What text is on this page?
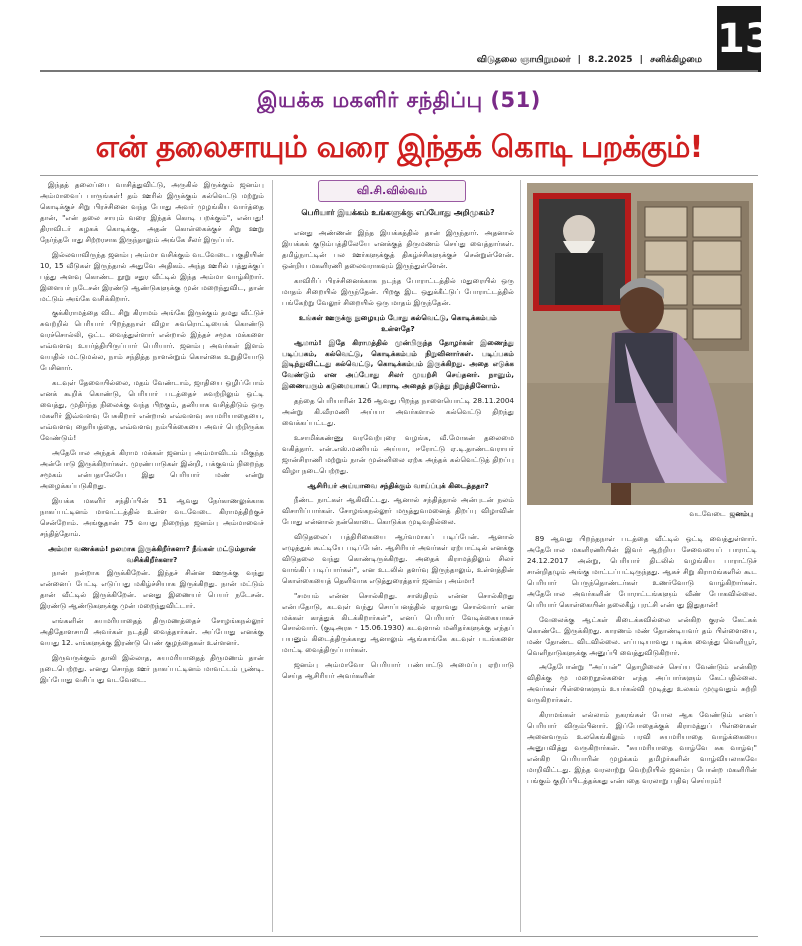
13
விடுதலை ஞாயிறுமலர் | 8.2.2025 | சனிக்கிழமை
இயக்க மகளிர் சந்திப்பு (51)
என் தலைசாயும் வரை இந்தக் கொடி பறக்கும்!

இந்தத் தலைப்பை வாசித்துவிட்டு, அருகில் இருக்கும் ஜனம்பு அம்மாவைப் பாருங்கள்! தம் ஊரில் இருக்கும் கல்வெட்டு மற்றும் கொடிக்குச் சிறு பிரச்சினை வந்த போது அவர் முழங்கிய வார்த்தை தான், "என் தலை சாயும் வரை இந்தக் கொடி பறக்கும்", என்பது! திராவிடர் கழகக் கொடிக்கு, அதன் கொள்கைக்குச் சிறு ஊறு நேர்ந்தபோது சிற்றரசாக இருந்தாலும் அங்கே சீலர் இருப்பர்.

இல்லவாவிருந்த ஜனம்பு அம்மா வசிக்கும் வடவேடை பகுதியின் 10, 15 வீடுகள் இருந்தால் அதுவே அதிகம். அந்த ஊரில் பத்துக்குப் பத்து அளவு கொண்ட நூறு சதுர வீட்டில் இந்த அம்மா வாழ்கிறார். இளையர் நடேசன் இரண்டு ஆண்டுகளுக்கு முன் மறைந்துவிட, தான் மட்டும் அங்கே வசிக்கிறார்.

குக்கிராமத்தை விட சிறு கிராமம் அங்கே இருக்கும் தமது வீட்டுச் சுவற்றில் பெரியார் பிறந்தநாள் விழா சுவரொட்டியைக் கொண்டு வரச்சொல்லி, ஒட்ட வைத்துள்ளார் என்றால் இந்தச் சமூக மக்களை எவ்வளவு உயர்த்தியிருப்பார் பெரியார். ஜனம்பு அவர்கள் இளம் வயதில் மட்டுமல்ல, நாம் சந்தித்த நாளன்றும் கொள்கை உறுதியோடு பேசினார்.

கடவுள் தேவையில்லை, மதம் வேண்டாம், ஜாதியை ஒழிப்போம் எனக் கூறிக் கொண்டு, பெரியார் படத்தைச் சுவற்றிலும் ஒட்டி வைத்து, முதிர்ந்த நிலைக்கு வந்த பிறகும், தனியாக வசித்திடும் ஒரு மகளிர் இவ்வளவு பேசுகிறார் என்றால் எவ்வளவு சுயமரியாதையை, எவ்வளவு தைரியத்தை, எவ்வளவு நம்பிக்கையை அவர் பெற்றிருக்க வேண்டும்!

அதேபோல அந்தக் கிராம மக்கள் ஜனம்பு அம்மாவிடம் மிகுந்த அன்போடு இருக்கிறார்கள். முரண்பாடுகள் இன்றி, பக்குவம் நிறைந்த சமூகம் என்பதாலேயே இது பெரியார் மண் என்று அழைக்கப்படுகிறது.

இயக்க மகளிர் சந்திப்பின் 51 ஆவது நேர்காணலுக்காக நாகப்பட்டினம் மாவட்டத்தில் உள்ள வடவேடை கிராமத்திற்குச் சென்றோம். அங்குதான் 75 வயது நிறைந்த ஜனம்பு அம்மாவைச் சந்தித்தோம்.

அம்மா வணக்கம்! நலமாக இருக்கிறீர்களா? நீங்கள் மட்டும்தான் வசிக்கிறீர்களா?

நான் நன்றாக இருக்கிறேன். இந்தச் சின்ன ஊருக்கு வந்து என்னைப் பேட்டி எடுப்பது மகிழ்ச்சியாக இருக்கிறது. நான் மட்டும் தான் வீட்டில் இருக்கிறேன். எனது இணையர் பெயர் நடேசன். இரண்டு ஆண்டுகளுக்கு முன் மறைந்துவிட்டார்.

எங்களின் சுயமரியாதைத் திருமணத்தைச் சோழங்கநல்லூர் அதிதோளசாமி அவர்கள் நடத்தி வைத்தார்கள். அப்போது எனக்கு வயது 12. எங்களுக்கு இரண்டு பெண் குழந்தைகள் உள்ளனர்.

இருவருக்கும் தாலி இல்லாத, சுயமரியாதைத் திருமணம் தான் நடைபெற்றது. எனது சொந்த ஊர் நாகப்பட்டினம் மாவட்டம் பூண்டி. இப்போது வசிப்பது வடவேடை.

வி.சி.வில்வம்
பெரியார் இயக்கம் உங்களுக்கு எப்போது அறிமுகம்?

எனது அண்ணன் இந்த இயக்கத்தில் தான் இருந்தார். அதனால் இயக்கக் குடும்பத்திலேயே எனக்குத் திருமணம் செய்து வைத்தார்கள். தமிழ்நாட்டின் பல ஊர்களுக்குத் திகழ்ச்சிகளுக்குச் சென்றுள்ளேன். ஒன்றிய மகளிரணி தலைவராகவும் இருந்துள்ளேன்.

காவிரிப் பிரச்சினைக்காக நடந்த போராட்டத்தில் மதுரையில் ஒரு மாதம் சிறையில் இருந்தேன். பிறகு இட ஒதுக்கீட்டுப் போராட்டத்தில் பங்கேற்று வேலூர் சிறையில் ஒரு மாதம் இருந்தேன்.

உங்கள் ஊருக்கு நுழையும் போது கல்வெட்டு, கொடிக்கம்பம் உள்ளதே?

ஆமாம்! இதே கிராமத்தில் முன்பிருந்த தோழர்கள் இணைந்து படிப்பகம், கல்வெட்டு, கொடிக்கம்பம் நிறுவினார்கள். படிப்பகம் இடிந்துவிட்டது கல்வெட்டு, கொடிக்கம்பம் இருக்கிறது. அதை எடுக்க வேண்டும் என அப்போது சிலர் முயற்சி செய்தனர். நானும், இணையரும் கடுமையாகப் போராடி அதைத் தடுத்து நிறுத்தினோம்.

தந்தை பெரியாரின் 126 ஆவது பிறந்த நாளையொட்டி 28.11.2004 அன்று கி.வீரமணி அய்யா அவர்களால் கல்வெட்டு திறந்து வைக்கப்பட்டது.

உசாமிக்கண்ணு வரவேற்புரை வழங்க, வீ.மோகன் தலைமை வகித்தார். என்.எஸ்.மணியம் அய்யா, ஈரோட்டு ஏ.டி.தாண்டவராயர் ஜான்சிராணி மற்றும் நான் முன்னிலை ஏற்க அந்தக் கல்வெட்டுத் திறப்பு விழா நடைபெற்றது.

ஆசிரியர் அய்யாவை சந்திக்கும் வாய்ப்புக் கிடைத்ததா?

நீண்ட நாட்கள் ஆகிவிட்டது. ஆனால் சந்தித்தால் அன்புடன் நலம் விசாரிப்பார்கள். சோழங்கநல்லூர் மருத்துவமனைத் திறப்பு விழாவின் போது என்னால் நன்கொடை கொடுக்க முடிவதில்லை.

விடுதலைப் பத்திரிகையை ஆர்வமாகப் படிப்பேன். ஆனால் எழுத்துக் கூட்டியே படிப்பேன். ஆசிரியர் அவர்கள் ஏற்பாட்டில் எனக்கு விடுதலை வந்து கொண்டிருக்கிறது. அதைக் கிராமத்திலும் சிலர் வாங்கிப் படிப்பார்கள்", என உடலில் தளர்வு இருந்தாலும், உள்ளத்தின் கொள்கையைத் தெளிவாக எடுத்துரைத்தார் ஜனம்பு அம்மா!

"சமயம் என்ன சொல்கிறது. சாஸ்திரம் என்ன சொல்கிறது என்பதோடு, கடவுள் வந்து சொப்பனத்தில் ஏதாவது சொல்வார் என மக்கள் காத்துக் கிடக்கிறார்கள்", எனப் பெரியார் வேடிக்கையாகச் சொல்வார். (குடிஅரசு - 15.06.1930) கடவுளால் மனிதர்களுக்கு எந்தப் பயனும் கிடைத்திருக்காது ஆனாலும் ஆங்காங்கே கடவுள் படங்களை மாட்டி வைத்திருப்பார்கள்.

ஜனம்பு அம்மாவோ பெரியார் பண்பாட்டு அமைப்பு ஏற்பாடு செய்த ஆசிரியர் அவர்களின்

வடவேடை ஜனம்பு

89 ஆவது பிறந்தநாள் படத்தை வீட்டில் ஒட்டி வைத்துள்ளார். அதேபோல மகளிரணியின் இவர் ஆற்றிய சேவையைப் பாராட்டி 24.12.2017 அன்று, பெரியார் திடலில் வழங்கிய பாராட்டுச் சான்றிதழும் அங்கு மாட்டப்பட்டிருந்தது. ஆகச் சிறு கிராமங்களில் கூட பெரியார் பெருந்தொண்டர்கள் உணர்வோடு வாழ்கிறார்கள். அதேபோல அவர்களின் போராட்டங்களும் வீண் போகவில்லை. பெரியார் கொள்கையின் தலைகீழ் புரட்சி என்பது இதுதான்!

வேலைக்கு ஆட்கள் கிடைக்கவில்லை என்கிற குரல் கேட்கக் கொண்டே இருக்கிறது. காரணம் மண் தோண்டியவர் தம் பிள்ளையை, மண் தோண்ட விடவில்லை. எப்படியாவது படிக்க வைத்து வெளியூர், வெளிநாடுகளுக்கு அனுப்பி வைத்துவிடுகிறார்.

அதேபோன்று "அப்பன்" தொழிலைச் செய்ய வேண்டும் என்கிற விதிக்கு மூ மறைநூல்களை எந்த அப்பார்களும் கேட்பதில்லை. அவர்கள் பிள்ளைகளும் உயர்கல்வி முடித்து உலகம் முழுவதும் சுற்றி வருகிறார்கள்.

கிராமங்கள் எல்லாம் நகரங்கள் போல ஆக வேண்டும் எனப் பெரியார் விரும்பினார். இப்போதைக்குக் கிராமத்துப் பிள்ளைகள் அனைவரும் உலகெங்கிலும் பரவி சுயமரியாதை வாழ்க்கையை அனுபவித்து வருகிறார்கள். "சுயமரியாதை வாழ்வே சுக வாழ்வு" என்கிற பெரியாரின் முழக்கம் தமிழர்களின் வாழ்வியலாகவே மாறிவிட்டது. இந்த வரலாற்று வெற்றியில் ஜனம்பு போன்ற மகளிரின் பங்கும் குறிப்பிடத்தக்கது என்பதை வரலாறு பதிவு செய்யும்!
